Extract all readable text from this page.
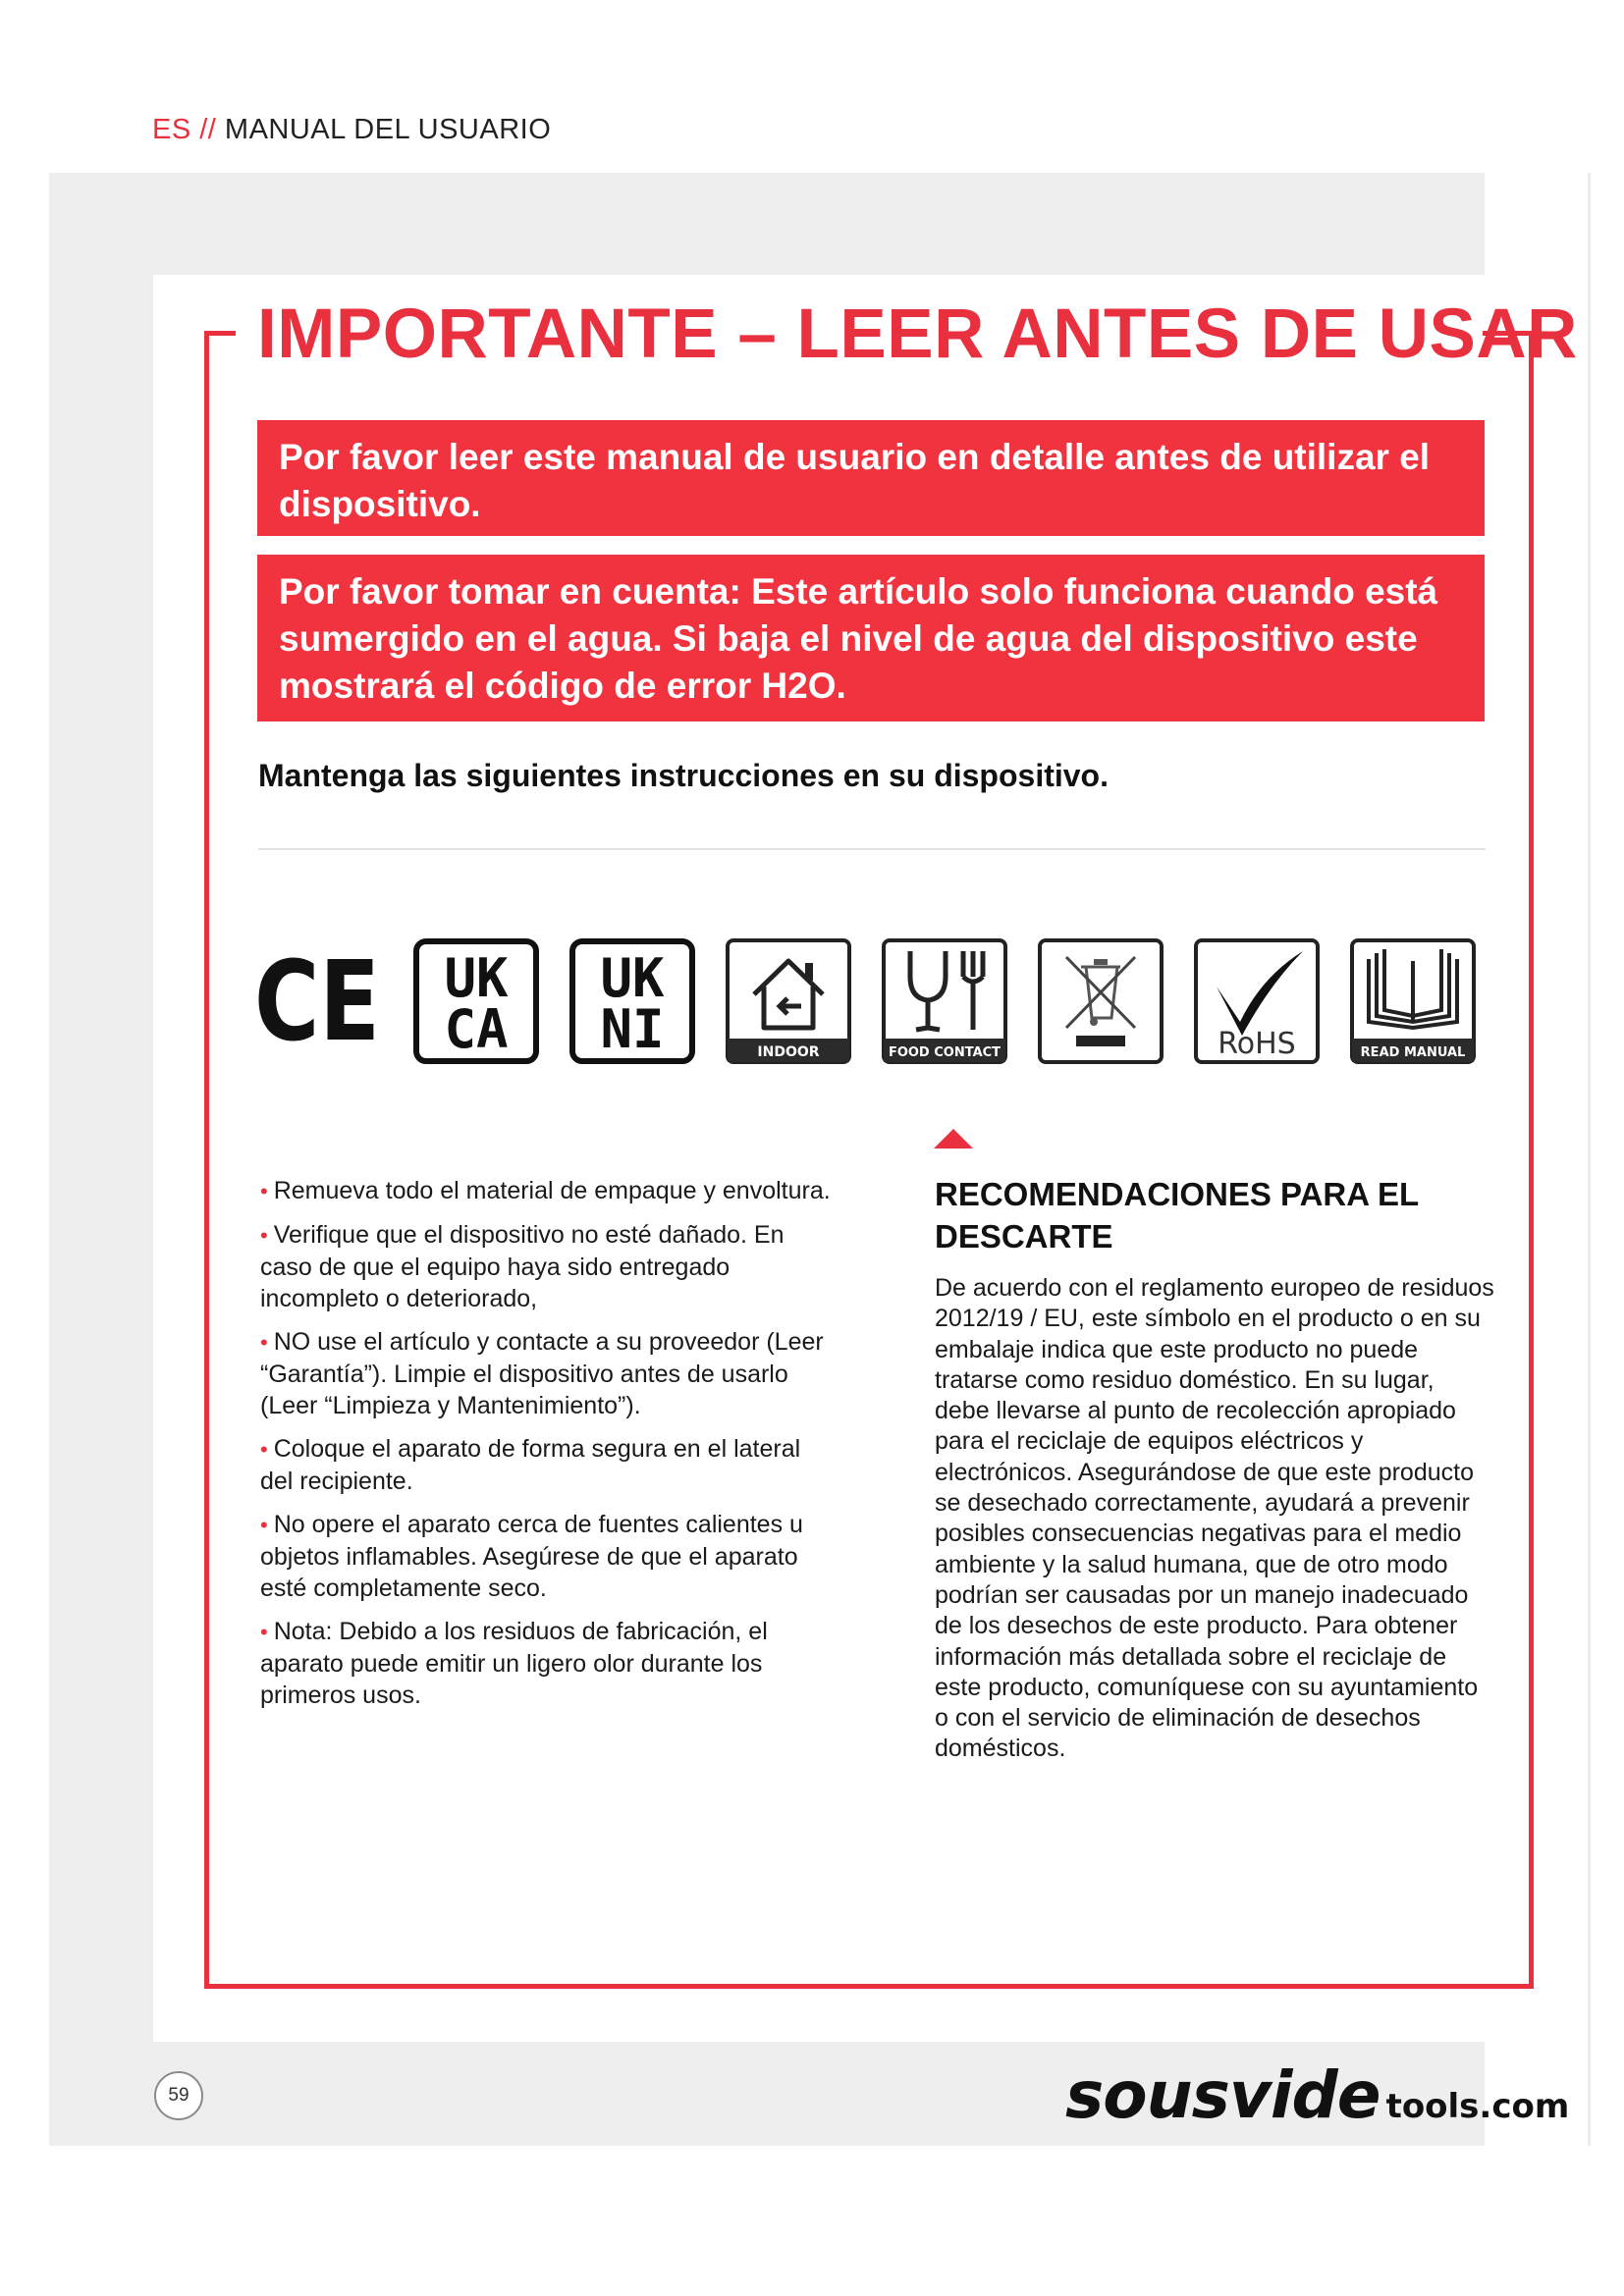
ES // MANUAL DEL USUARIO
IMPORTANTE – LEER ANTES DE USAR
Por favor leer este manual de usuario en detalle antes de utilizar el dispositivo.
Por favor tomar en cuenta: Este artículo solo funciona cuando está sumergido en el agua. Si baja el nivel de agua del dispositivo este mostrará el código de error H2O.

Mantenga las siguientes instrucciones en su dispositivo.

CE UK
CA
UK
NI	INDOOR	FOOD CONTACT	RoHS	READ MANUAL
• Remueva todo el material de empaque y envoltura.
• Verifique que el dispositivo no esté dañado. En caso de que el equipo haya sido entregado incompleto o deteriorado,
• NO use el artículo y contacte a su proveedor (Leer “Garantía”). Limpie el dispositivo antes de usarlo (Leer “Limpieza y Mantenimiento”).
• Coloque el aparato de forma segura en el lateral del recipiente.
• No opere el aparato cerca de fuentes calientes u objetos inflamables. Asegúrese de que el aparato esté completamente seco.
• Nota: Debido a los residuos de fabricación, el aparato puede emitir un ligero olor durante los primeros usos.
RECOMENDACIONES PARA EL DESCARTE

De acuerdo con el reglamento europeo de residuos 2012/19 / EU, este símbolo en el producto o en su embalaje indica que este producto no puede tratarse como residuo doméstico. En su lugar, debe llevarse al punto de recolección apropiado para el reciclaje de equipos eléctricos y electrónicos. Asegurándose de que este producto se desechado correctamente, ayudará a prevenir posibles consecuencias negativas para el medio ambiente y la salud humana, que de otro modo podrían ser causadas por un manejo inadecuado de los desechos de este producto. Para obtener información más detallada sobre el reciclaje de este producto, comuníquese con su ayuntamiento o con el servicio de eliminación de desechos domésticos.

59	sousvide tools.com
